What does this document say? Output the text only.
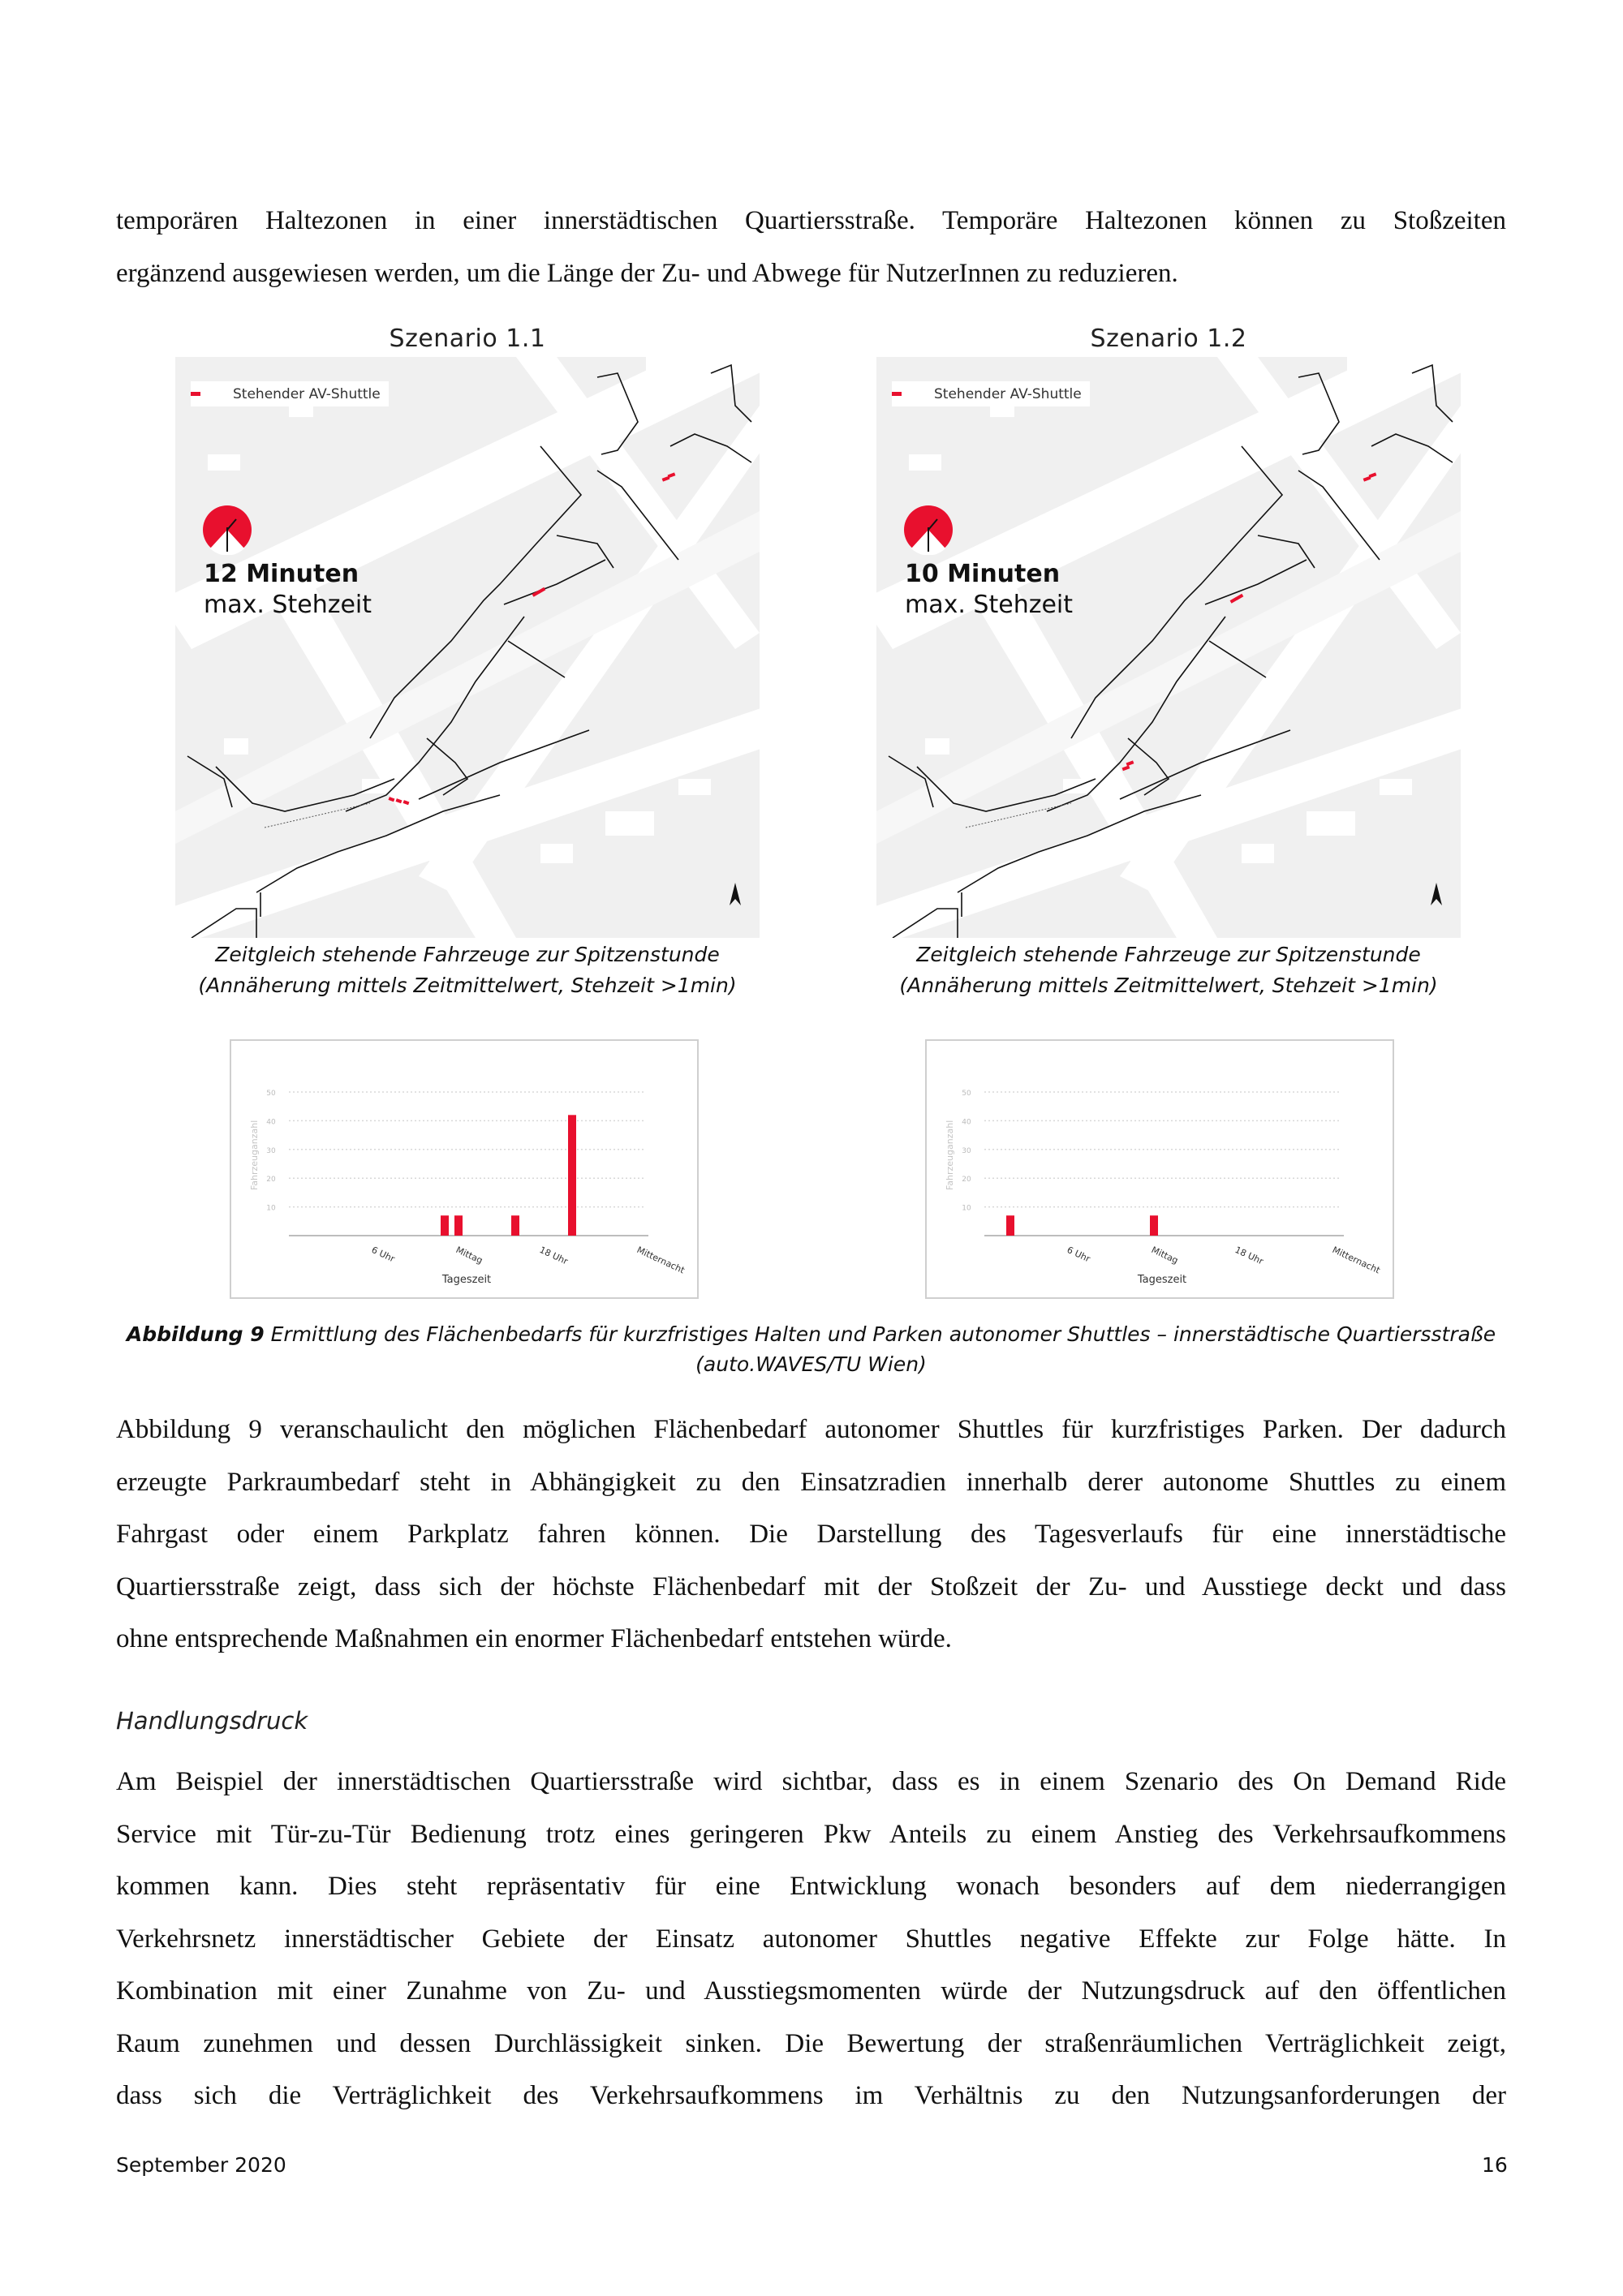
temporären Haltezonen in einer innerstädtischen Quartiersstraße. Temporäre Haltezonen können zu Stoßzeiten
ergänzend ausgewiesen werden, um die Länge der Zu- und Abwege für NutzerInnen zu reduzieren.
Szenario 1.1	Szenario 1.2
Stehender AV-Shuttle
12 Minuten
max. Stehzeit
Stehender AV-Shuttle
10 Minuten
max. Stehzeit
Zeitgleich stehende Fahrzeuge zur Spitzenstunde
(Annäherung mittels Zeitmittelwert, Stehzeit >1min)
Zeitgleich stehende Fahrzeuge zur Spitzenstunde
(Annäherung mittels Zeitmittelwert, Stehzeit >1min)
10
20
30
40
50
Fahrzeuganzahl
6 Uhr	Mittag	18 Uhr	Mitternacht
Tageszeit
10
20
30
40
50
Fahrzeuganzahl
6 Uhr	Mittag	18 Uhr	Mitternacht
Tageszeit
Abbildung 9 Ermittlung des Flächenbedarfs für kurzfristiges Halten und Parken autonomer Shuttles – innerstädtische Quartiersstraße
(auto.WAVES/TU Wien)
Abbildung 9 veranschaulicht den möglichen Flächenbedarf autonomer Shuttles für kurzfristiges Parken. Der dadurch
erzeugte Parkraumbedarf steht in Abhängigkeit zu den Einsatzradien innerhalb derer autonome Shuttles zu einem
Fahrgast oder einem Parkplatz fahren können. Die Darstellung des Tagesverlaufs für eine innerstädtische
Quartiersstraße zeigt, dass sich der höchste Flächenbedarf mit der Stoßzeit der Zu- und Ausstiege deckt und dass
ohne entsprechende Maßnahmen ein enormer Flächenbedarf entstehen würde.
Handlungsdruck
Am Beispiel der innerstädtischen Quartiersstraße wird sichtbar, dass es in einem Szenario des On Demand Ride
Service mit Tür-zu-Tür Bedienung trotz eines geringeren Pkw Anteils zu einem Anstieg des Verkehrsaufkommens
kommen kann. Dies steht repräsentativ für eine Entwicklung wonach besonders auf dem niederrangigen
Verkehrsnetz innerstädtischer Gebiete der Einsatz autonomer Shuttles negative Effekte zur Folge hätte. In
Kombination mit einer Zunahme von Zu- und Ausstiegsmomenten würde der Nutzungsdruck auf den öffentlichen
Raum zunehmen und dessen Durchlässigkeit sinken. Die Bewertung der straßenräumlichen Verträglichkeit zeigt,
dass sich die Verträglichkeit des Verkehrsaufkommens im Verhältnis zu den Nutzungsanforderungen der
September 2020	16
